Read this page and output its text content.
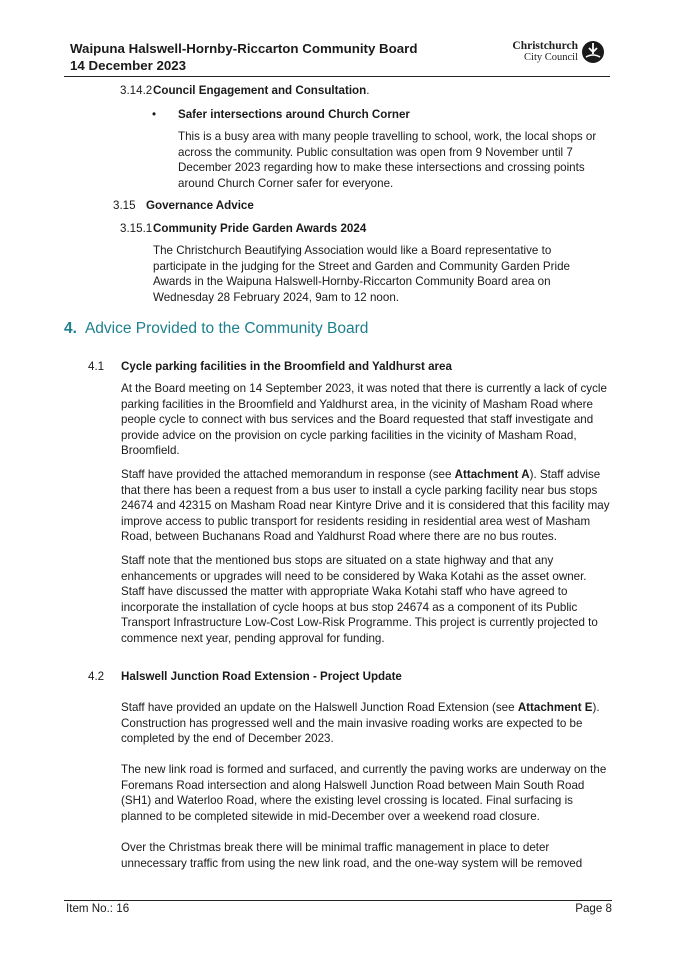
Waipuna Halswell-Hornby-Riccarton Community Board
14 December 2023
Christchurch
City Council
3.14.2 Council Engagement and Consultation.
• Safer intersections around Church Corner
This is a busy area with many people travelling to school, work, the local shops or across the community. Public consultation was open from 9 November until 7 December 2023 regarding how to make these intersections and crossing points around Church Corner safer for everyone.
3.15 Governance Advice
3.15.1 Community Pride Garden Awards 2024
The Christchurch Beautifying Association would like a Board representative to participate in the judging for the Street and Garden and Community Garden Pride Awards in the Waipuna Halswell-Hornby-Riccarton Community Board area on Wednesday 28 February 2024, 9am to 12 noon.
4. Advice Provided to the Community Board
4.1 Cycle parking facilities in the Broomfield and Yaldhurst area
At the Board meeting on 14 September 2023, it was noted that there is currently a lack of cycle parking facilities in the Broomfield and Yaldhurst area, in the vicinity of Masham Road where people cycle to connect with bus services and the Board requested that staff investigate and provide advice on the provision on cycle parking facilities in the vicinity of Masham Road, Broomfield.
Staff have provided the attached memorandum in response (see Attachment A). Staff advise that there has been a request from a bus user to install a cycle parking facility near bus stops 24674 and 42315 on Masham Road near Kintyre Drive and it is considered that this facility may improve access to public transport for residents residing in residential area west of Masham Road, between Buchanans Road and Yaldhurst Road where there are no bus routes.
Staff note that the mentioned bus stops are situated on a state highway and that any enhancements or upgrades will need to be considered by Waka Kotahi as the asset owner. Staff have discussed the matter with appropriate Waka Kotahi staff who have agreed to incorporate the installation of cycle hoops at bus stop 24674 as a component of its Public Transport Infrastructure Low-Cost Low-Risk Programme. This project is currently projected to commence next year, pending approval for funding.
4.2 Halswell Junction Road Extension - Project Update
Staff have provided an update on the Halswell Junction Road Extension (see Attachment E). Construction has progressed well and the main invasive roading works are expected to be completed by the end of December 2023.
The new link road is formed and surfaced, and currently the paving works are underway on the Foremans Road intersection and along Halswell Junction Road between Main South Road (SH1) and Waterloo Road, where the existing level crossing is located. Final surfacing is planned to be completed sitewide in mid-December over a weekend road closure.
Over the Christmas break there will be minimal traffic management in place to deter unnecessary traffic from using the new link road, and the one-way system will be removed
Item No.: 16	Page 8
